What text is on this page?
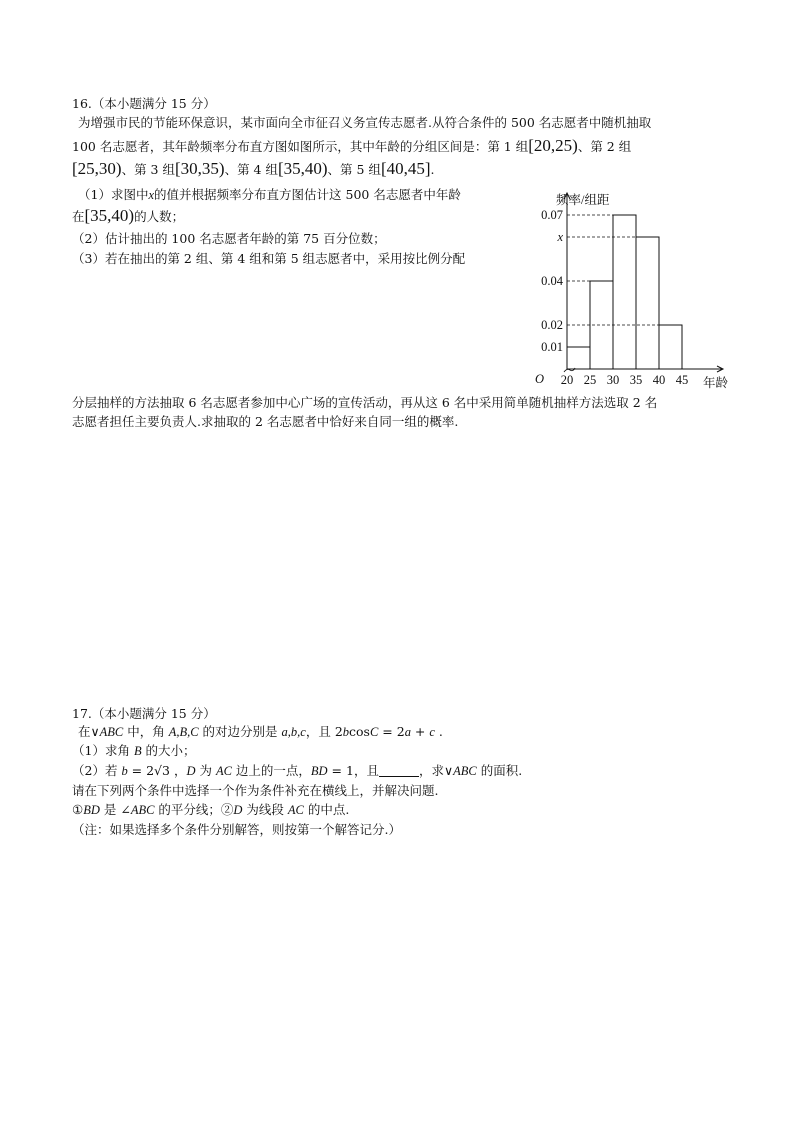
16.（本小题满分 15 分）
为增强市民的节能环保意识，某市面向全市征召义务宣传志愿者.从符合条件的 500 名志愿者中随机抽取
100 名志愿者，其年龄频率分布直方图如图所示，其中年龄的分组区间是：第 1 组[20,25)、第 2 组
[25,30)、第 3 组[30,35)、第 4 组[35,40)、第 5 组[40,45].
（1）求图中x的值并根据频率分布直方图估计这 500 名志愿者中年龄
在[35,40)的人数；
（2）估计抽出的 100 名志愿者年龄的第 75 百分位数；
（3）若在抽出的第 2 组、第 4 组和第 5 组志愿者中，采用按比例分配
分层抽样的方法抽取 6 名志愿者参加中心广场的宣传活动，再从这 6 名中采用简单随机抽样方法选取 2 名
志愿者担任主要负责人.求抽取的 2 名志愿者中恰好来自同一组的概率.
0.07
x
0.04
0.02
0.01
20 25 30 35 40 45
频率/组距
年龄
O
17.（本小题满分 15 分）
在∨ABC 中，角 A,B,C 的对边分别是 a,b,c，且 2bcosC = 2a + c .
（1）求角 B 的大小；
（2）若 b = 2√3 ，D 为 AC 边上的一点，BD = 1，且	，求∨ABC 的面积.
请在下列两个条件中选择一个作为条件补充在横线上，并解决问题.
①BD 是 ∠ABC 的平分线；②D 为线段 AC 的中点.
（注：如果选择多个条件分别解答，则按第一个解答记分.）
